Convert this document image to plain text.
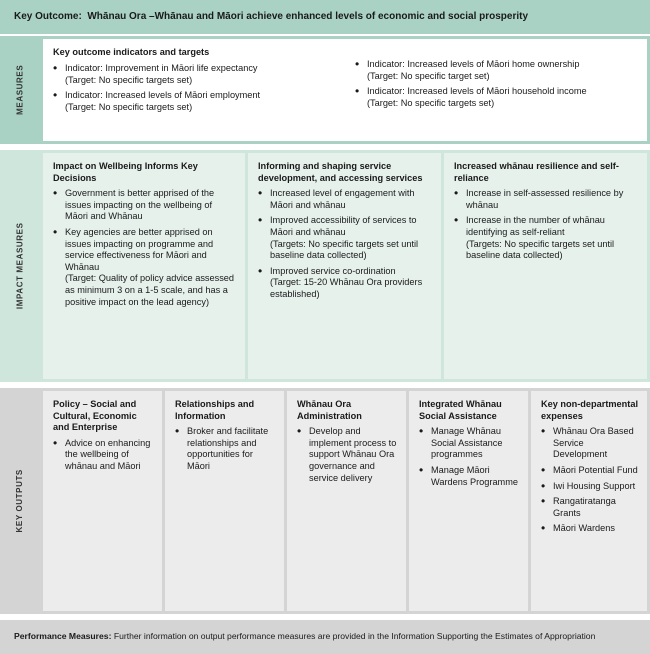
Key Outcome: Whānau Ora –Whānau and Māori achieve enhanced levels of economic and social prosperity
MEASURES
Key outcome indicators and targets
• Indicator: Improvement in Māori life expectancy
(Target: No specific targets set)
• Indicator: Increased levels of Māori employment
(Target: No specific targets set)
• Indicator: Increased levels of Māori home ownership
(Target: No specific target set)
• Indicator: Increased levels of Māori household income
(Target: No specific targets set)
IMPACT MEASURES
Impact on Wellbeing Informs Key Decisions
• Government is better apprised of the issues impacting on the wellbeing of Māori and Whānau
• Key agencies are better apprised on issues impacting on programme and service effectiveness for Māori and Whānau
(Target: Quality of policy advice assessed as minimum 3 on a 1-5 scale, and has a positive impact on the lead agency)
Informing and shaping service development, and accessing services
• Increased level of engagement with Māori and whānau
• Improved accessibility of services to Māori and whānau
(Targets: No specific targets set until baseline data collected)
• Improved service co-ordination
(Target: 15-20 Whānau Ora providers established)
Increased whānau resilience and self-reliance
• Increase in self-assessed resilience by whānau
• Increase in the number of whānau identifying as self-reliant
(Targets: No specific targets set until baseline data collected)
KEY OUTPUTS
Policy – Social and Cultural, Economic and Enterprise
• Advice on enhancing the wellbeing of whānau and Māori
Relationships and Information
• Broker and facilitate relationships and opportunities for Māori
Whānau Ora Administration
• Develop and implement process to support Whānau Ora governance and service delivery
Integrated Whānau Social Assistance
• Manage Whānau Social Assistance programmes
• Manage Māori Wardens Programme
Key non-departmental expenses
• Whānau Ora Based Service Development
• Māori Potential Fund
• Iwi Housing Support
• Rangatiratanga Grants
• Māori Wardens
Performance Measures: Further information on output performance measures are provided in the Information Supporting the Estimates of Appropriation
